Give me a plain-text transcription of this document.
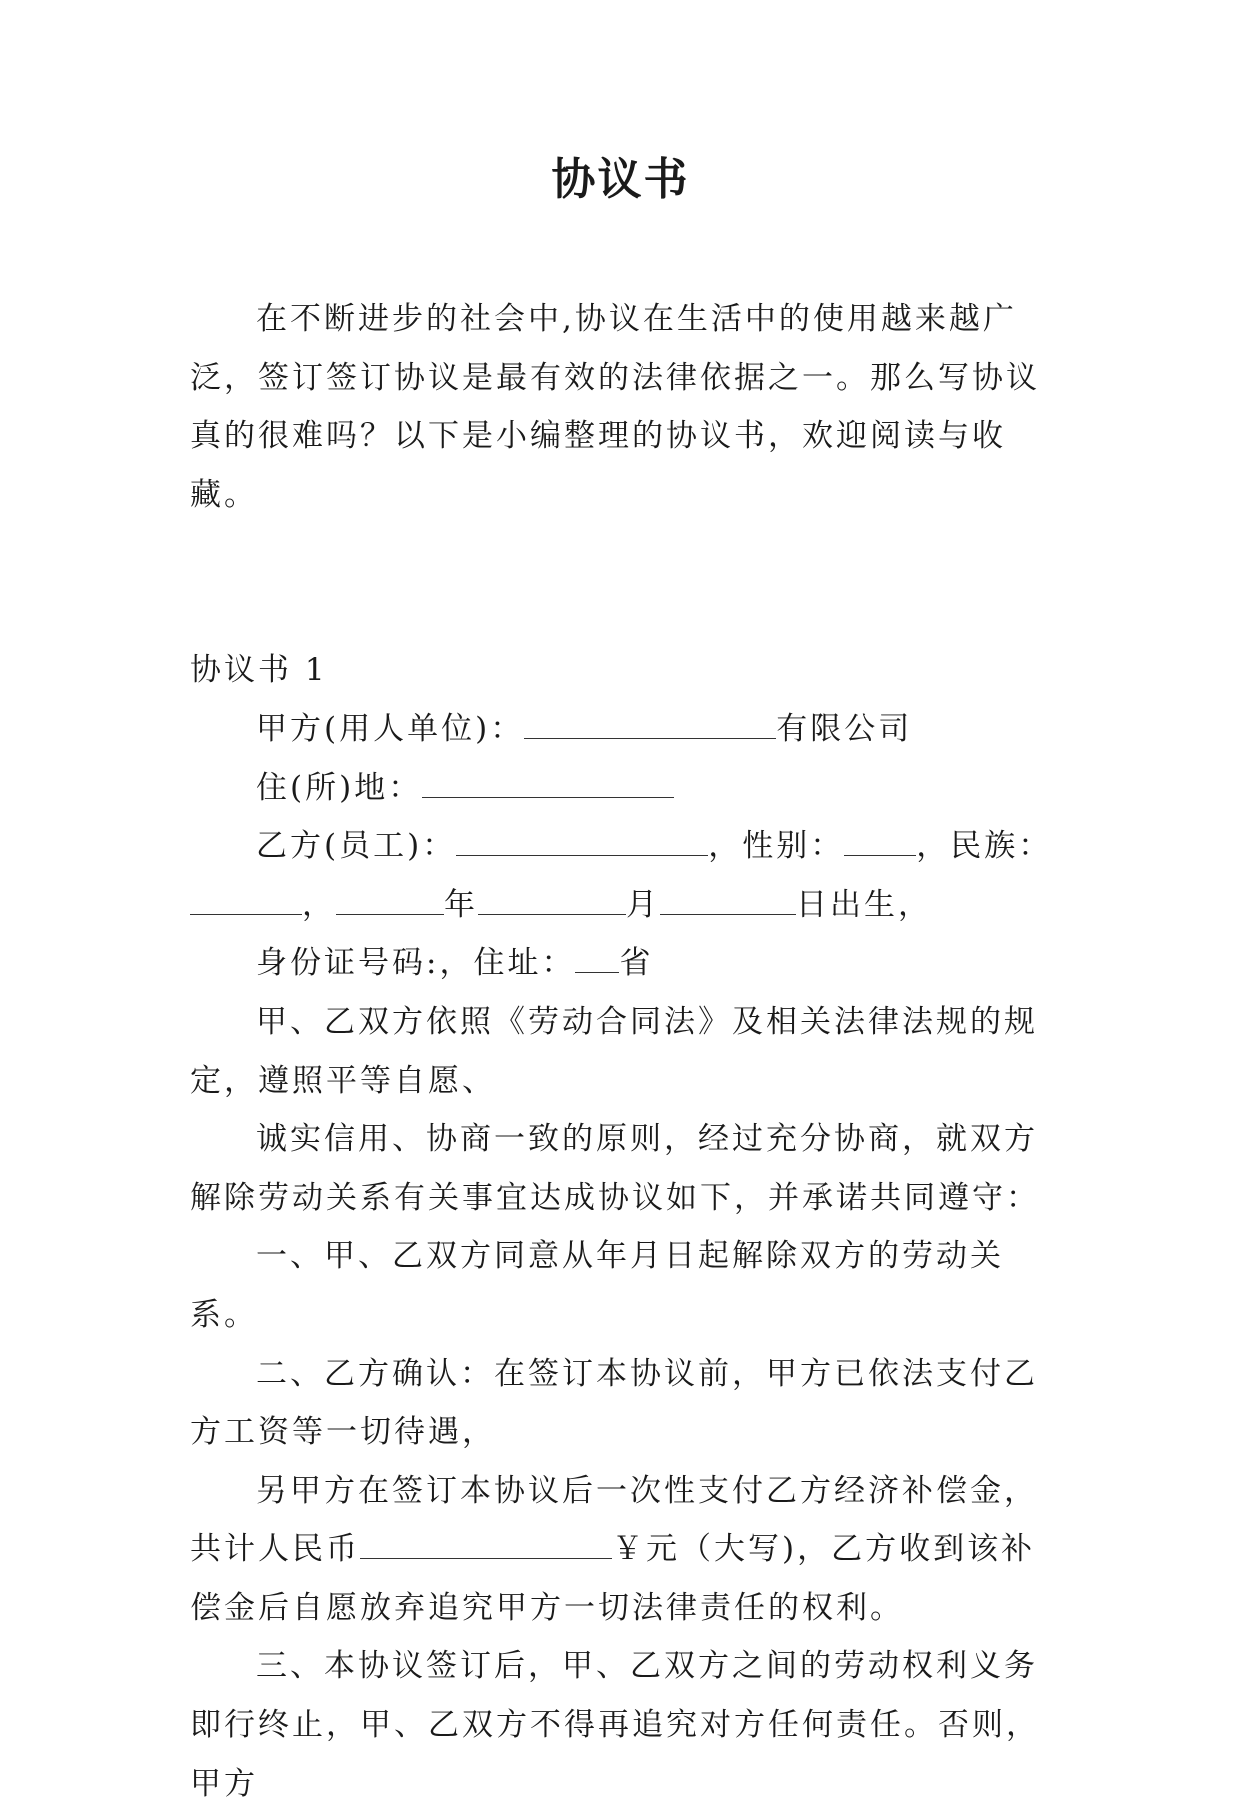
协议书

在不断进步的社会中,协议在生活中的使用越来越广泛，签订签订协议是最有效的法律依据之一。那么写协议真的很难吗？以下是小编整理的协议书，欢迎阅读与收藏。

协议书 1

甲方(用人单位)：	有限公司

住(所)地：

乙方(员工)：	，性别： ，民族：，	年	月	日出生，

身份证号码:，住址： 省

甲、乙双方依照《劳动合同法》及相关法律法规的规定，遵照平等自愿、

诚实信用、协商一致的原则，经过充分协商，就双方解除劳动关系有关事宜达成协议如下，并承诺共同遵守：

一、甲、乙双方同意从年月日起解除双方的劳动关系。

二、乙方确认：在签订本协议前，甲方已依法支付乙方工资等一切待遇，

另甲方在签订本协议后一次性支付乙方经济补偿金，共计人民币	￥元（大写)，乙方收到该补偿金后自愿放弃追究甲方一切法律责任的权利。

三、本协议签订后，甲、乙双方之间的劳动权利义务即行终止，甲、乙双方不得再追究对方任何责任。否则，甲方
